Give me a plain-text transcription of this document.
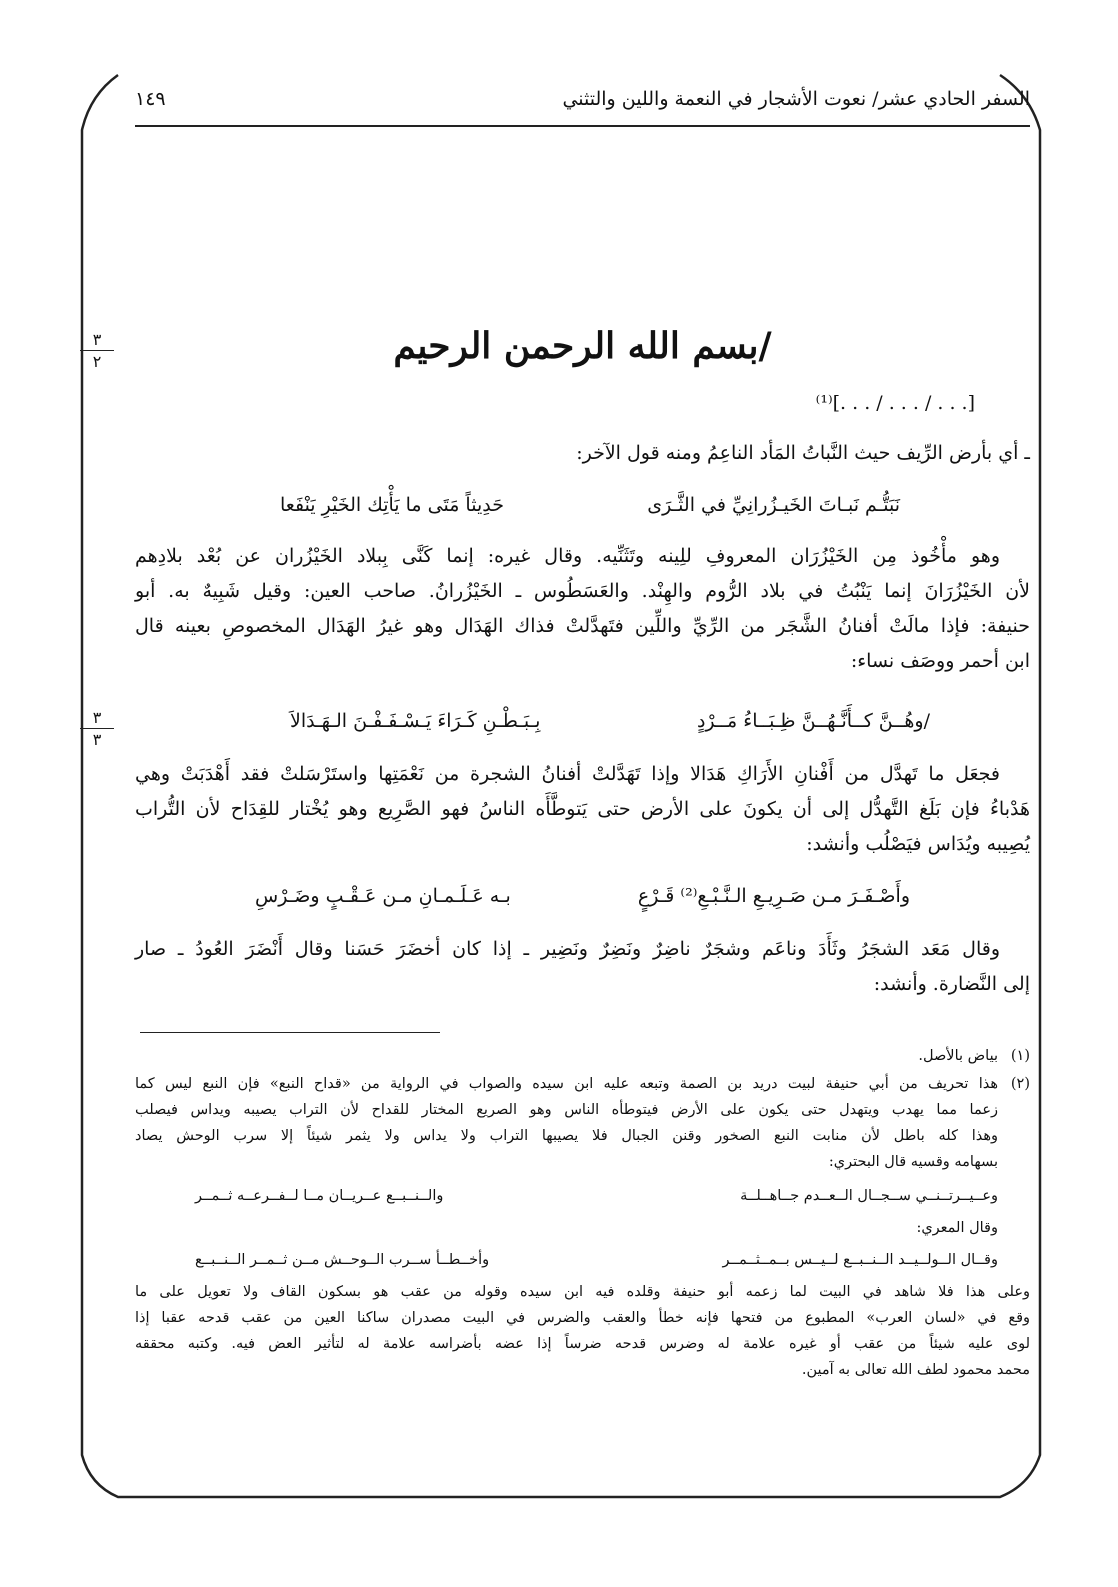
السفر الحادي عشر/ نعوت الأشجار في النعمة واللين والتثني
١٤٩
/بسم الله الرحمن الرحيم
٣
٢
٣
٣
[. . . / . . . / . . .]⁽¹⁾
ـ أي بأرض الرِّيف حيث النَّباتُ المَأد الناعِمُ ومنه قول الآخر:
نَبَتُّـم نَبـاتَ الخَيـزُرانِيِّ في الثَّـرَى
حَدِيثاً مَتَى ما يَأْتِك الخَيْرِ يَنْفَعا
وهو مأْخُوذ مِن الخَيْزُرَان المعروفِ للِينه وتَثَنِّيه. وقال غيره: إنما كَنَّى بِبلاد الخَيْزُران عن بُعْد بلادِهم
لأن الخَيْزُرَانَ إنما يَنْبُتُ في بلاد الرُّوم والهِنْد. والعَسَطُوس ـ الخَيْزُرانُ. صاحب العين: وقيل شَبِيهٌ به. أبو
حنيفة: فإذا مالَتْ أفنانُ الشَّجَر من الرِّيِّ واللِّين فتَهدَّلتْ فذاك الهَدَال وهو غيرُ الهَدَال المخصوصِ بعينه قال
ابن أحمر ووصَف نساء:
/وهُــنَّ كــأَنَّـهُــنَّ ظِـبَــاءُ مَــرْدٍ
بِـبَـطْـنِ كَـرَاءَ يَـسْـفَـفْـنَ الـهَـدَالاَ
فجعَل ما تَهدَّل من أَفْنانِ الأَرَاكِ هَدَالا وإذا تَهَدَّلتْ أفنانُ الشجرة من نَعْمَتِها واستَرْسَلتْ فقد أَهْدَبَتْ وهي
هَدْباءُ فإن بَلَغ التَّهدُّل إلى أن يكونَ على الأرض حتى يَتوطَّأَه الناسُ فهو الصَّرِيع وهو يُخْتار للقِدَاح لأن التُّراب
يُصِيبه ويُدَاس فيَصْلُب وأنشد:
وأَصْـفَـرَ مـن صَـرِيـعِ الـنَّـبْـعِ⁽²⁾ قَـرْعٍ
بـه عَـلَـمـانِ مـن عَـقْـبٍ وضَـرْسِ
وقال مَعَد الشجَرُ وثَأَدَ وناعَم وشجَرٌ ناضِرٌ ونَضِرٌ ونَضِير ـ إذا كان أخضَرَ حَسَنا وقال أَنْضَرَ العُودُ ـ صار
إلى النَّضارة. وأنشد:
(١)
بياض بالأصل.
(٢)
هذا تحريف من أبي حنيفة لبيت دريد بن الصمة وتبعه عليه ابن سيده والصواب في الرواية من «قداح النبع» فإن النبع ليس كما
زعما مما يهدب ويتهدل حتى يكون على الأرض فيتوطأه الناس وهو الصريع المختار للقداح لأن التراب يصيبه ويداس فيصلب
وهذا كله باطل لأن منابت النبع الصخور وقنن الجبال فلا يصيبها التراب ولا يداس ولا يثمر شيئاً إلا سرب الوحش يصاد
بسهامه وقسيه قال البحتري:
وعــيــرتــنــي ســجــال الــعــدم جــاهــلــة
والــنــبــع عــريــان مــا لــفــرعــه ثــمــر
وقال المعري:
وقــال الــولــيــد الــنــبــع لــيــس بــمــثــمــر
وأخــطــأ ســرب الــوحــش مــن ثــمــر الــنــبــع
وعلى هذا فلا شاهد في البيت لما زعمه أبو حنيفة وقلده فيه ابن سيده وقوله من عقب هو بسكون القاف ولا تعويل على ما
وقع في «لسان العرب» المطبوع من فتحها فإنه خطأ والعقب والضرس في البيت مصدران ساكنا العين من عقب قدحه عقبا إذا
لوى عليه شيئاً من عقب أو غيره علامة له وضرس قدحه ضرساً إذا عضه بأضراسه علامة له لتأثير العض فيه. وكتبه محققه
محمد محمود لطف الله تعالى به آمين.
